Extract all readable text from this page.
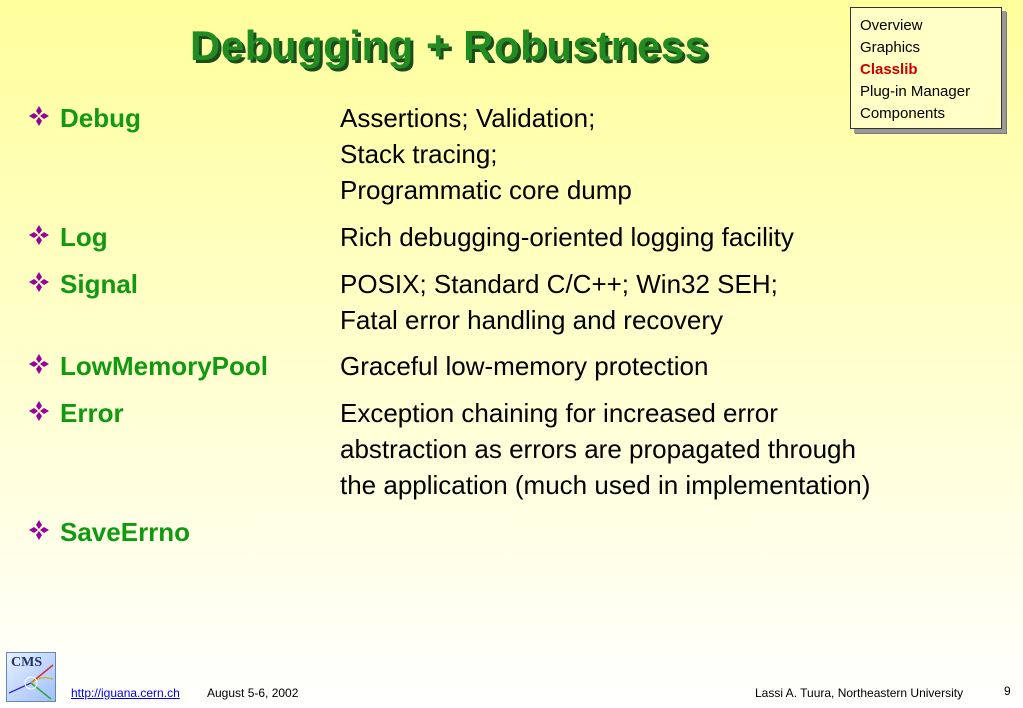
Debugging + Robustness	Overview
Graphics
Classlib
Plug-in Manager
Components
Debug	Assertions; Validation;
Stack tracing;
Programmatic core dump
Log	Rich debugging-oriented logging facility
Signal	POSIX; Standard C/C++; Win32 SEH;
Fatal error handling and recovery
LowMemoryPool	Graceful low-memory protection
Error	Exception chaining for increased error
abstraction as errors are propagated through
the application (much used in implementation)
SaveErrno
CMS
http://iguana.cern.ch August 5-6, 2002	Lassi A. Tuura, Northeastern University	9
